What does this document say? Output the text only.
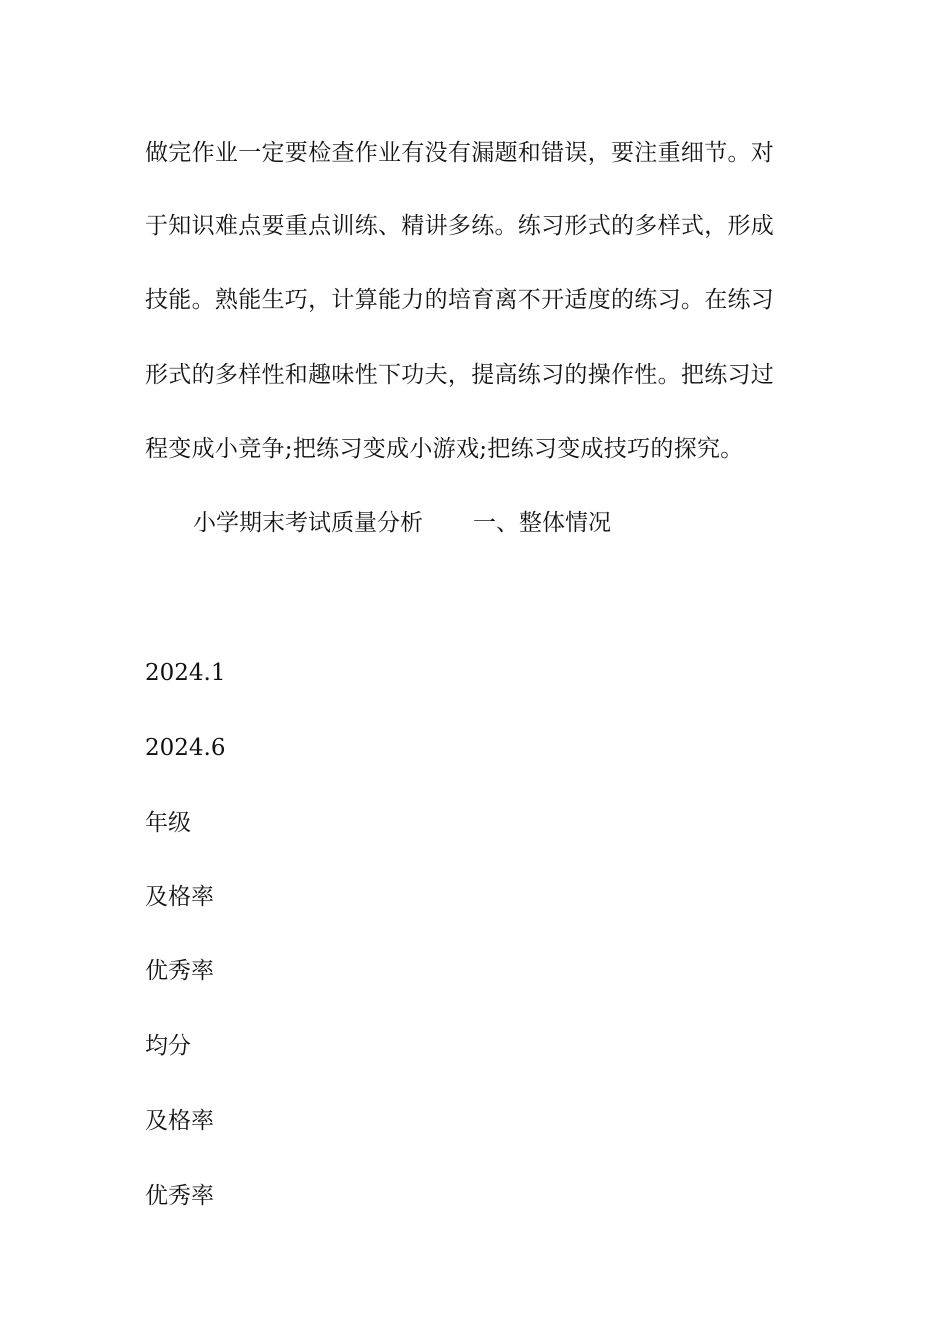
做完作业一定要检查作业有没有漏题和错误，要注重细节。对
于知识难点要重点训练、精讲多练。练习形式的多样式，形成
技能。熟能生巧，计算能力的培育离不开适度的练习。在练习
形式的多样性和趣味性下功夫，提高练习的操作性。把练习过
程变成小竞争;把练习变成小游戏;把练习变成技巧的探究。
小学期末考试质量分析 一、整体情况
2024.1
2024.6
年级
及格率
优秀率
均分
及格率
优秀率
